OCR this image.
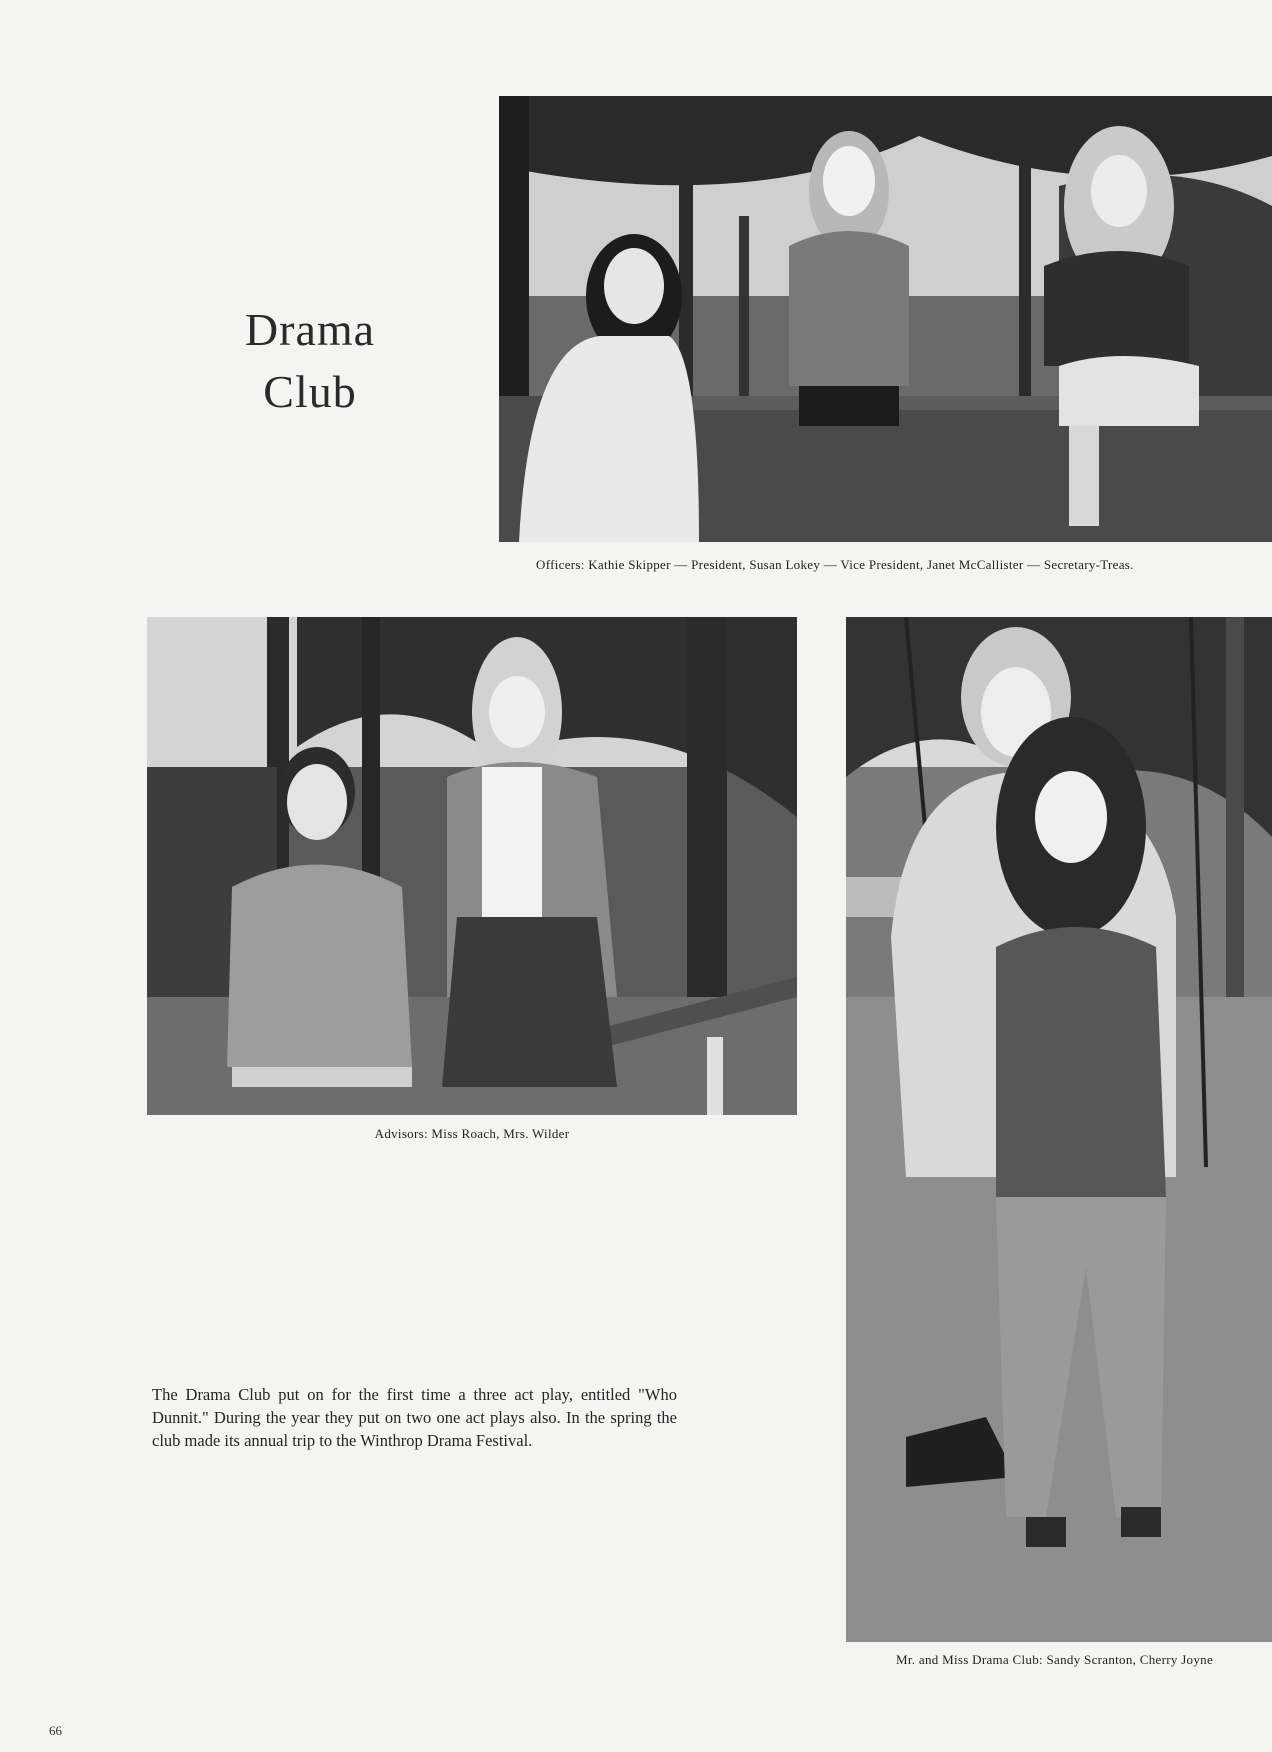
Drama
Club
Officers: Kathie Skipper — President, Susan Lokey — Vice President, Janet McCallister — Secretary-Treas.
Advisors: Miss Roach, Mrs. Wilder
Mr. and Miss Drama Club: Sandy Scranton, Cherry Joyne

The Drama Club put on for the first time a three act play, entitled "Who Dunnit." During the year they put on two one act plays also. In the spring the club made its annual trip to the Winthrop Drama Festival.

66
